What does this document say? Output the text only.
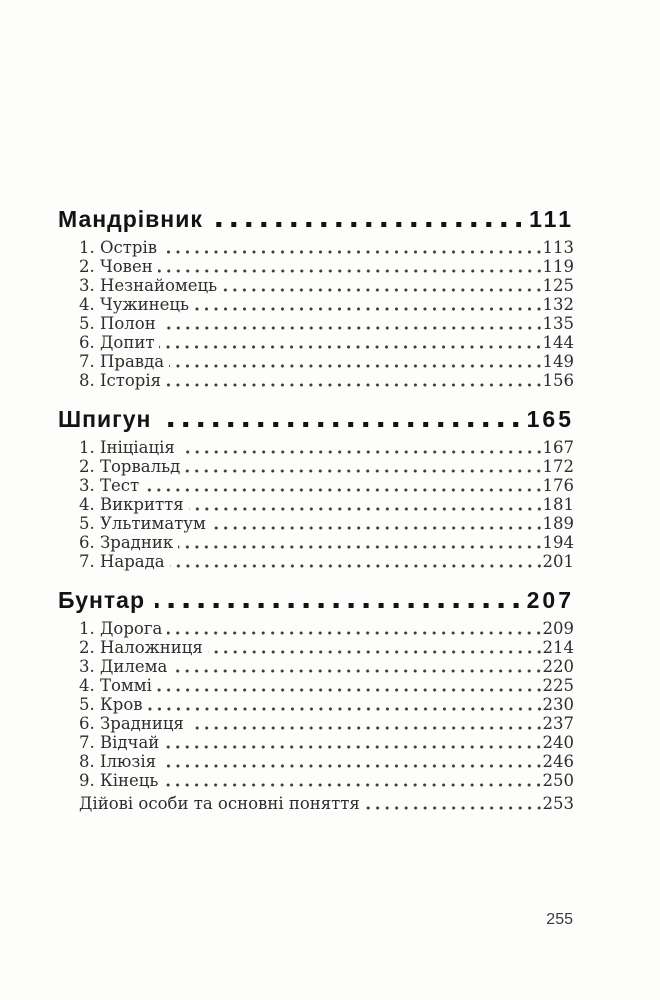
Мандрівник	111
1. Острів	113
2. Човен	119
3. Незнайомець	125
4. Чужинець	132
5. Полон	135
6. Допит	144
7. Правда	149
8. Історія	156
Шпигун	165
1. Ініціація	167
2. Торвальд	172
3. Тест	176
4. Викриття	181
5. Ультиматум	189
6. Зрадник	194
7. Нарада	201
Бунтар	207
1. Дорога	209
2. Наложниця	214
3. Дилема	220
4. Томмі	225
5. Кров	230
6. Зрадниця	237
7. Відчай	240
8. Ілюзія	246
9. Кінець	250
Дійові особи та основні поняття	253
255
